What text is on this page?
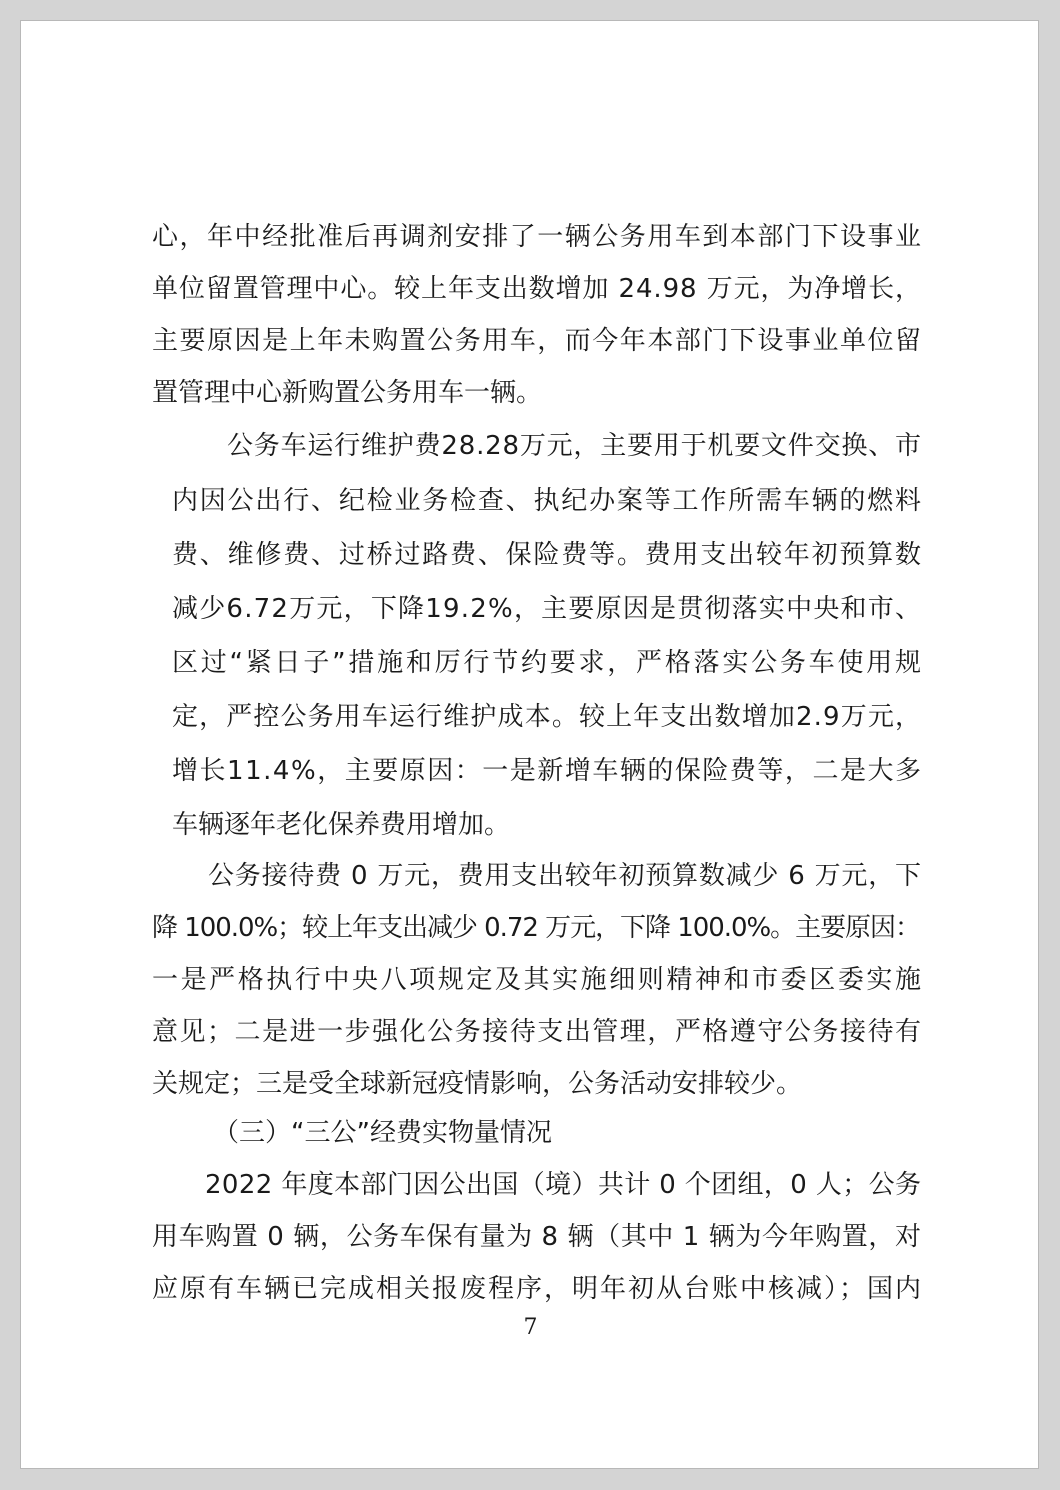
心，年中经批准后再调剂安排了一辆公务用车到本部门下设事业
单位留置管理中心。较上年支出数增加 24.98 万元，为净增长，
主要原因是上年未购置公务用车，而今年本部门下设事业单位留
置管理中心新购置公务用车一辆。
公务车运行维护费28.28万元，主要用于机要文件交换、市
内因公出行、纪检业务检查、执纪办案等工作所需车辆的燃料
费、维修费、过桥过路费、保险费等。费用支出较年初预算数
减少6.72万元，下降19.2%，主要原因是贯彻落实中央和市、
区过“紧日子”措施和厉行节约要求，严格落实公务车使用规
定，严控公务用车运行维护成本。较上年支出数增加2.9万元，
增长11.4%，主要原因：一是新增车辆的保险费等，二是大多
车辆逐年老化保养费用增加。
公务接待费 0 万元，费用支出较年初预算数减少 6 万元，下
降 100.0%；较上年支出减少 0.72 万元，下降 100.0%。主要原因：
一是严格执行中央八项规定及其实施细则精神和市委区委实施
意见；二是进一步强化公务接待支出管理，严格遵守公务接待有
关规定；三是受全球新冠疫情影响，公务活动安排较少。
（三）“三公”经费实物量情况
2022 年度本部门因公出国（境）共计 0 个团组，0 人；公务
用车购置 0 辆，公务车保有量为 8 辆（其中 1 辆为今年购置，对
应原有车辆已完成相关报废程序，明年初从台账中核减）；国内
7
